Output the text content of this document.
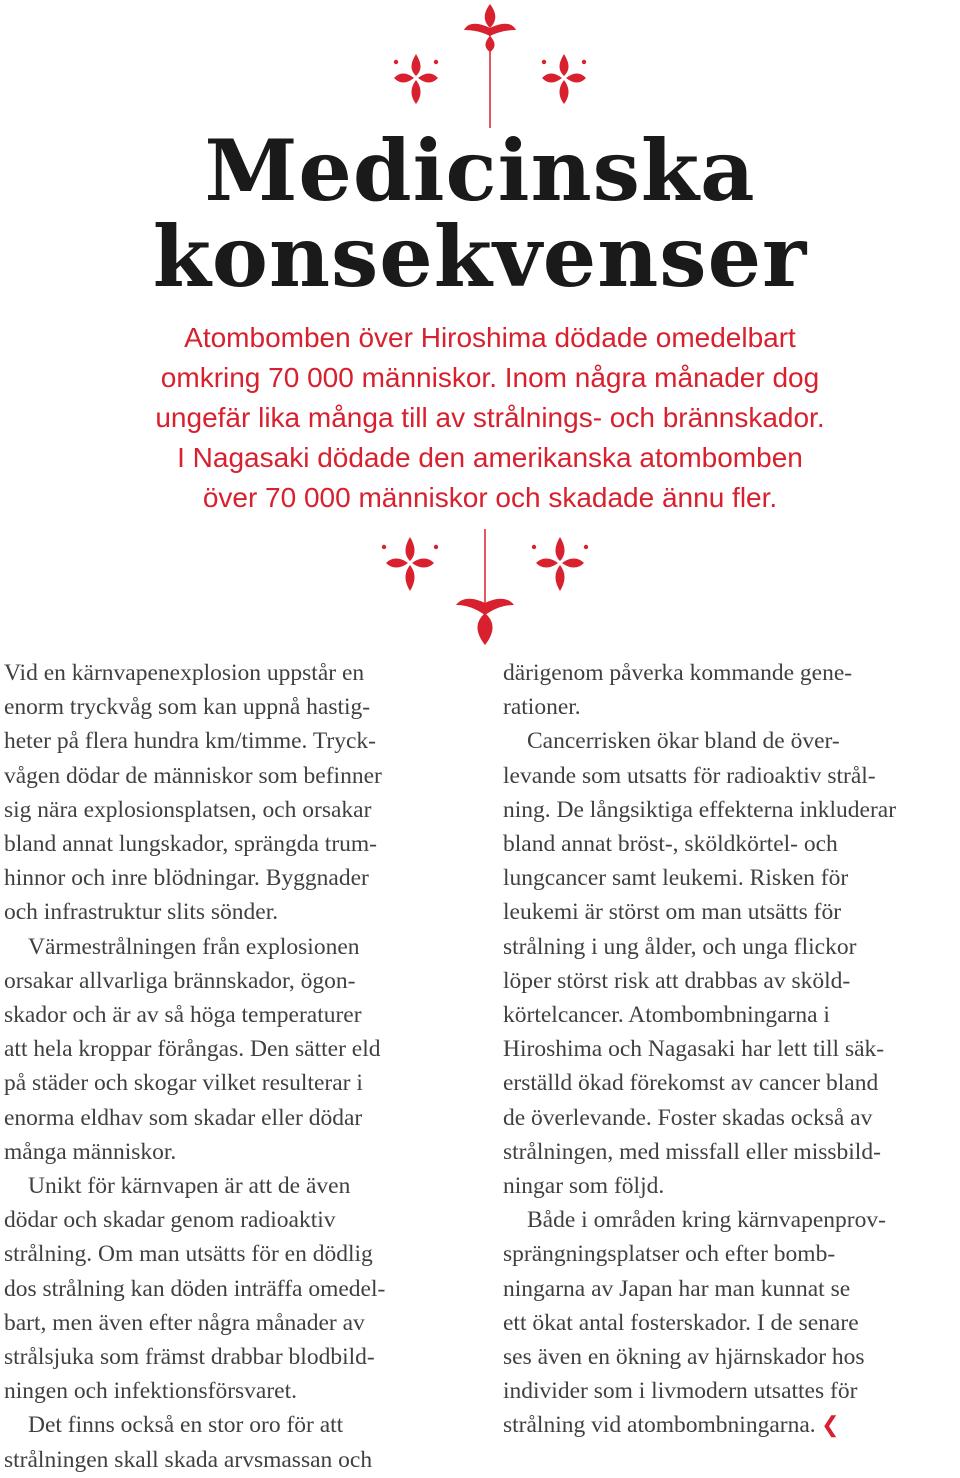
Medicinska
konsekvenser

Atombomben över Hiroshima dödade omedelbart
omkring 70 000 människor. Inom några månader dog
ungefär lika många till av strålnings- och brännskador.
I Nagasaki dödade den amerikanska atombomben
över 70 000 människor och skadade ännu fler.

Vid en kärnvapenexplosion uppstår en
enorm tryckvåg som kan uppnå hastig-
heter på flera hundra km/timme. Tryck-
vågen dödar de människor som befinner
sig nära explosionsplatsen, och orsakar
bland annat lungskador, sprängda trum-
hinnor och inre blödningar. Byggnader
och infrastruktur slits sönder.
Värmestrålningen från explosionen
orsakar allvarliga brännskador, ögon-
skador och är av så höga temperaturer
att hela kroppar förångas. Den sätter eld
på städer och skogar vilket resulterar i
enorma eldhav som skadar eller dödar
många människor.
Unikt för kärnvapen är att de även
dödar och skadar genom radioaktiv
strålning. Om man utsätts för en dödlig
dos strålning kan döden inträffa omedel-
bart, men även efter några månader av
strålsjuka som främst drabbar blodbild-
ningen och infektionsförsvaret.
Det finns också en stor oro för att
strålningen skall skada arvsmassan och
därigenom påverka kommande gene-
rationer.
Cancerrisken ökar bland de över-
levande som utsatts för radioaktiv strål-
ning. De långsiktiga effekterna inkluderar
bland annat bröst-, sköldkörtel- och
lungcancer samt leukemi. Risken för
leukemi är störst om man utsätts för
strålning i ung ålder, och unga flickor
löper störst risk att drabbas av sköld-
körtelcancer. Atombombningarna i
Hiroshima och Nagasaki har lett till säk-
erställd ökad förekomst av cancer bland
de överlevande. Foster skadas också av
strålningen, med missfall eller missbild-
ningar som följd.
Både i områden kring kärnvapenprov-
sprängningsplatser och efter bomb-
ningarna av Japan har man kunnat se
ett ökat antal fosterskador. I de senare
ses även en ökning av hjärnskador hos
individer som i livmodern utsattes för
strålning vid atombombningarna. ❮
